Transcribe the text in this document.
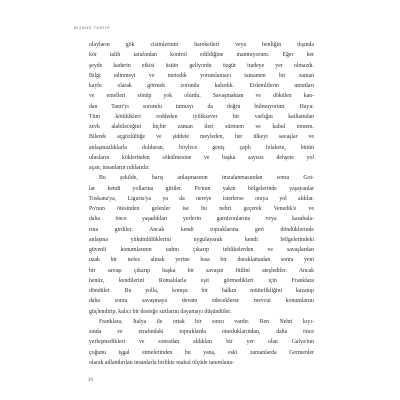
BİZANS TARİHİ
olayların gök cisimlerinin hareketleri veya benliğin dışında
kör talih tarafından kontrol edildiğine inanmıyorum. Eğer her
şeyde kaderin etkisi üstün geliyordu özgür iradeye yer olmazdı.
Bilgi edinmeyi ve metodik yorumlamayı tamamen bir zaman
kaybı olarak görmek zorunda kalırdık. Erdemlilerin umutları
ve emelleri sönüp yok olurdu. Savaşmaktan ve dökülen kan-
dan Tanrı'yı sorumlu tutmayı da doğru bulmuyorum. Hayır.
Tüm kötülükleri reddeden iyiliksever bir varlığın katliamdan
zevk alabileceğini hiçbir zaman ileri sürmem ve kabul etmem.
Bilerek açgözlülüğe ve şiddete meyleden, her ülkeyi savaşlar ve
anlaşmazlıklarla dolduran, böylece geniş çaplı felakete, bütün
ulusların köklerinden sökülmesine ve başka sayısız dehşete yol
açan, insanların ruhlarıdır.
Bu şekilde, barış anlaşmasının imzalanmasından sonra Got-
lar kendi yollarına gittiler. Po'nun yakın bölgelerinde yaşayanlar
Toskana'ya, Liguria'ya ya da nereye isterlerse oraya yol aldılar.
Po'nun ötesinden gelenler ise bu nehri geçerek Venedik'e ve
daha önce yaşadıkları yerlerin garnizonlarına veya kasabala-
rına girdiler. Ancak kendi topraklarına geri döndüklerinde
anlaşma yükümlülüklerini uygulayarak kendi bölgelerindeki
güvenli konumlarının tadını çıkarıp tehlikelerden ve savaşlardan
uzak bir nefes almak yerine kısa bir duraklamadan sonra yeni
bir savaşı çıkarıp başka bir savaşın fitilini ateşlediler. Ancak
henüz, kendilerini Romalılarla eşit görmedikleri için Franklara
döndüler. Bu yolla, komşu bir halkın müttefikliğini kazanıp
daha sonra savaşmaya devam edeceklerse mevcut konumlarını
güçlendirip, kalıcı bir desteğe sırtlarını dayamayı düşündüler.
Franklara, İtalya ile ortak bir sınırı vardır. Ren Nehri kıyı-
sında ve etrafındaki topraklarda oturduklarından, daha önce
yerleşmedikleri ve sonradan aldıkları bir yer olan Galya'nın
çoğunu işgal etmelerinden bu yana, eski zamanlarda Germenler
olarak adlandırılan insanlarla birlikte makul ölçüde tanımlana-
20
